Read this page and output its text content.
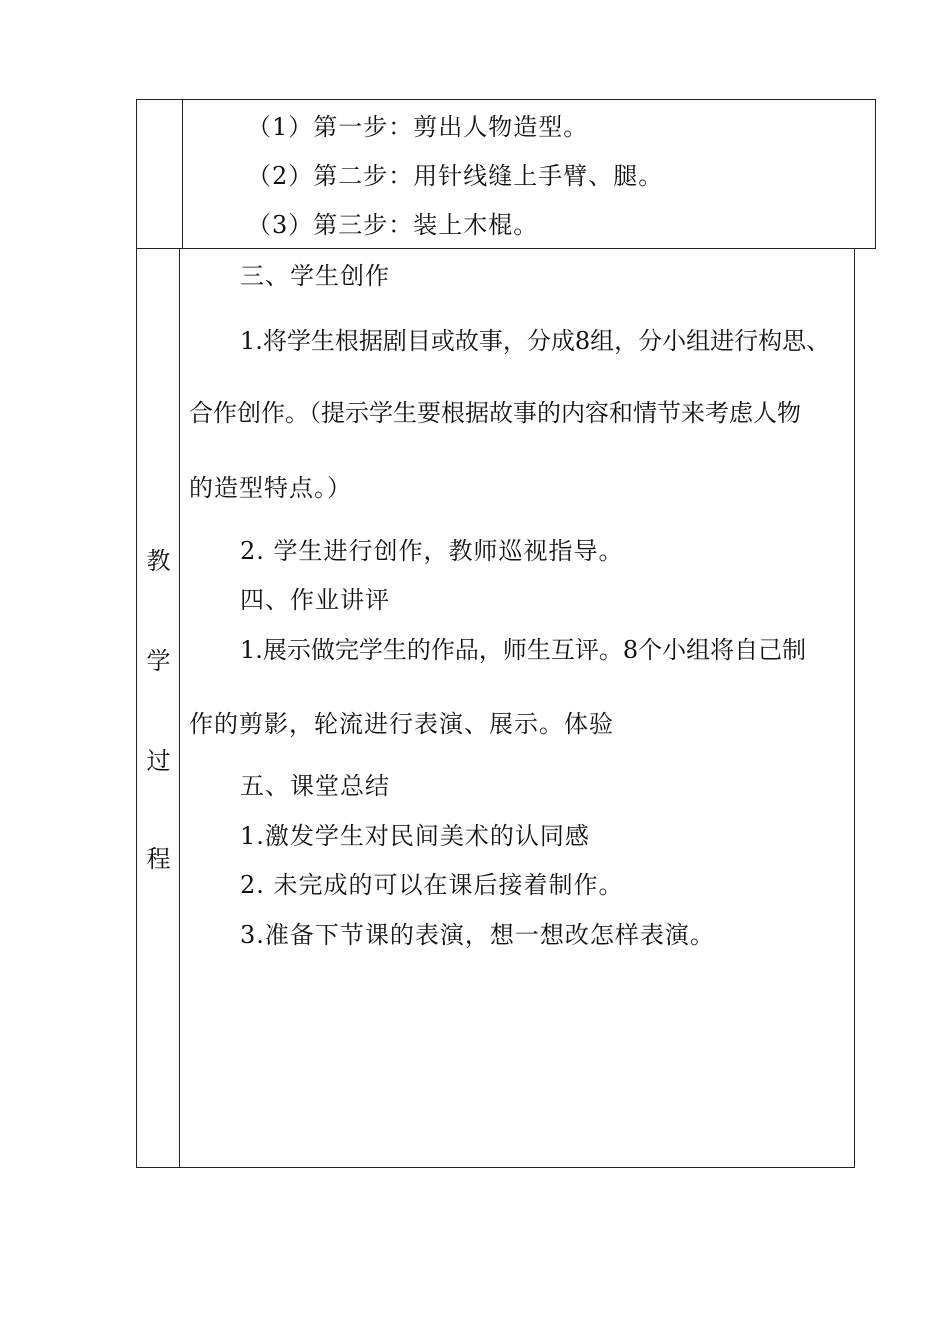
（1）第一步：剪出人物造型。
（2）第二步：用针线缝上手臂、腿。
（3）第三步：装上木棍。
教
学
过
程
三、学生创作
1.将学生根据剧目或故事，分成8组，分小组进行构思、
合作创作。（提示学生要根据故事的内容和情节来考虑人物
的造型特点。）
2. 学生进行创作，教师巡视指导。
四、作业讲评
1.展示做完学生的作品，师生互评。8个小组将自己制
作的剪影，轮流进行表演、展示。体验
五、课堂总结
1.激发学生对民间美术的认同感
2. 未完成的可以在课后接着制作。
3.准备下节课的表演，想一想改怎样表演。
